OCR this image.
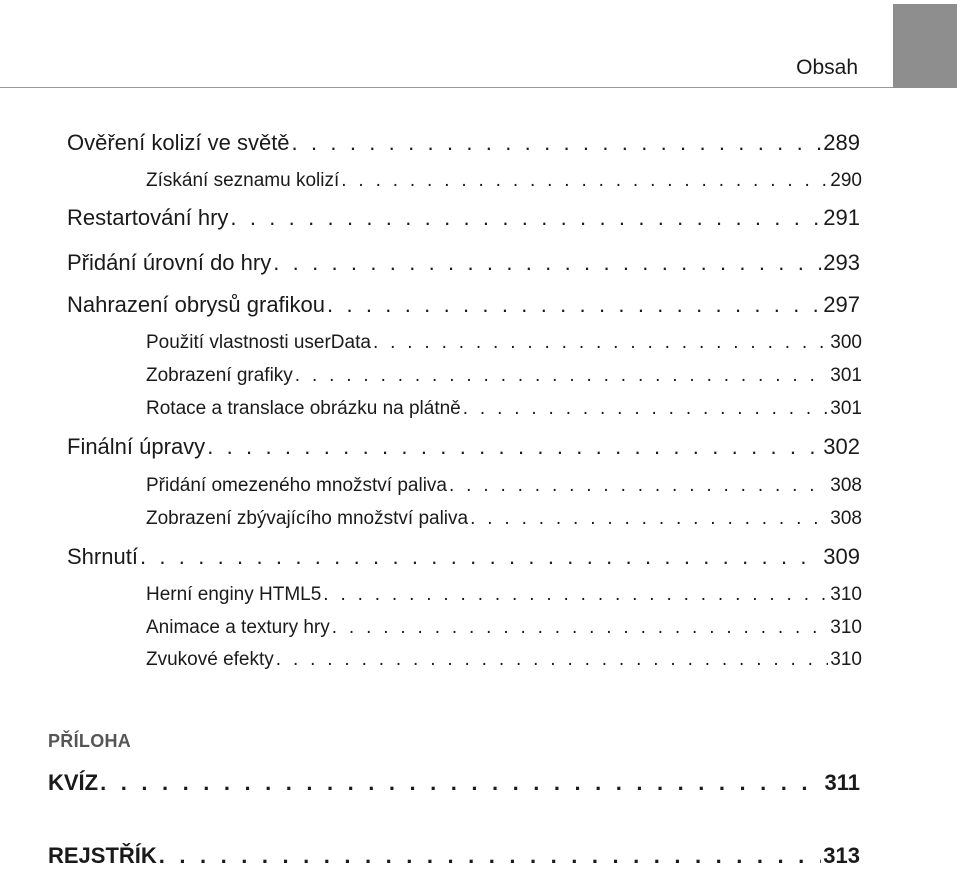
Obsah
Ověření kolizí ve světě . . .	289
Získání seznamu kolizí . . .	290
Restartování hry . . .	291
Přidání úrovní do hry . . .	293
Nahrazení obrysů grafikou . . .	297
Použití vlastnosti userData . . .	300
Zobrazení grafiky . . .	301
Rotace a translace obrázku na plátně . . .	301
Finální úpravy . . .	302
Přidání omezeného množství paliva . . .	308
Zobrazení zbývajícího množství paliva . . .	308
Shrnutí . . .	309
Herní enginy HTML5 . . .	310
Animace a textury hry . . .	310
Zvukové efekty . . .	310
PŘÍLOHA
KVÍZ . . .	311
REJSTŘÍK . . .	313
